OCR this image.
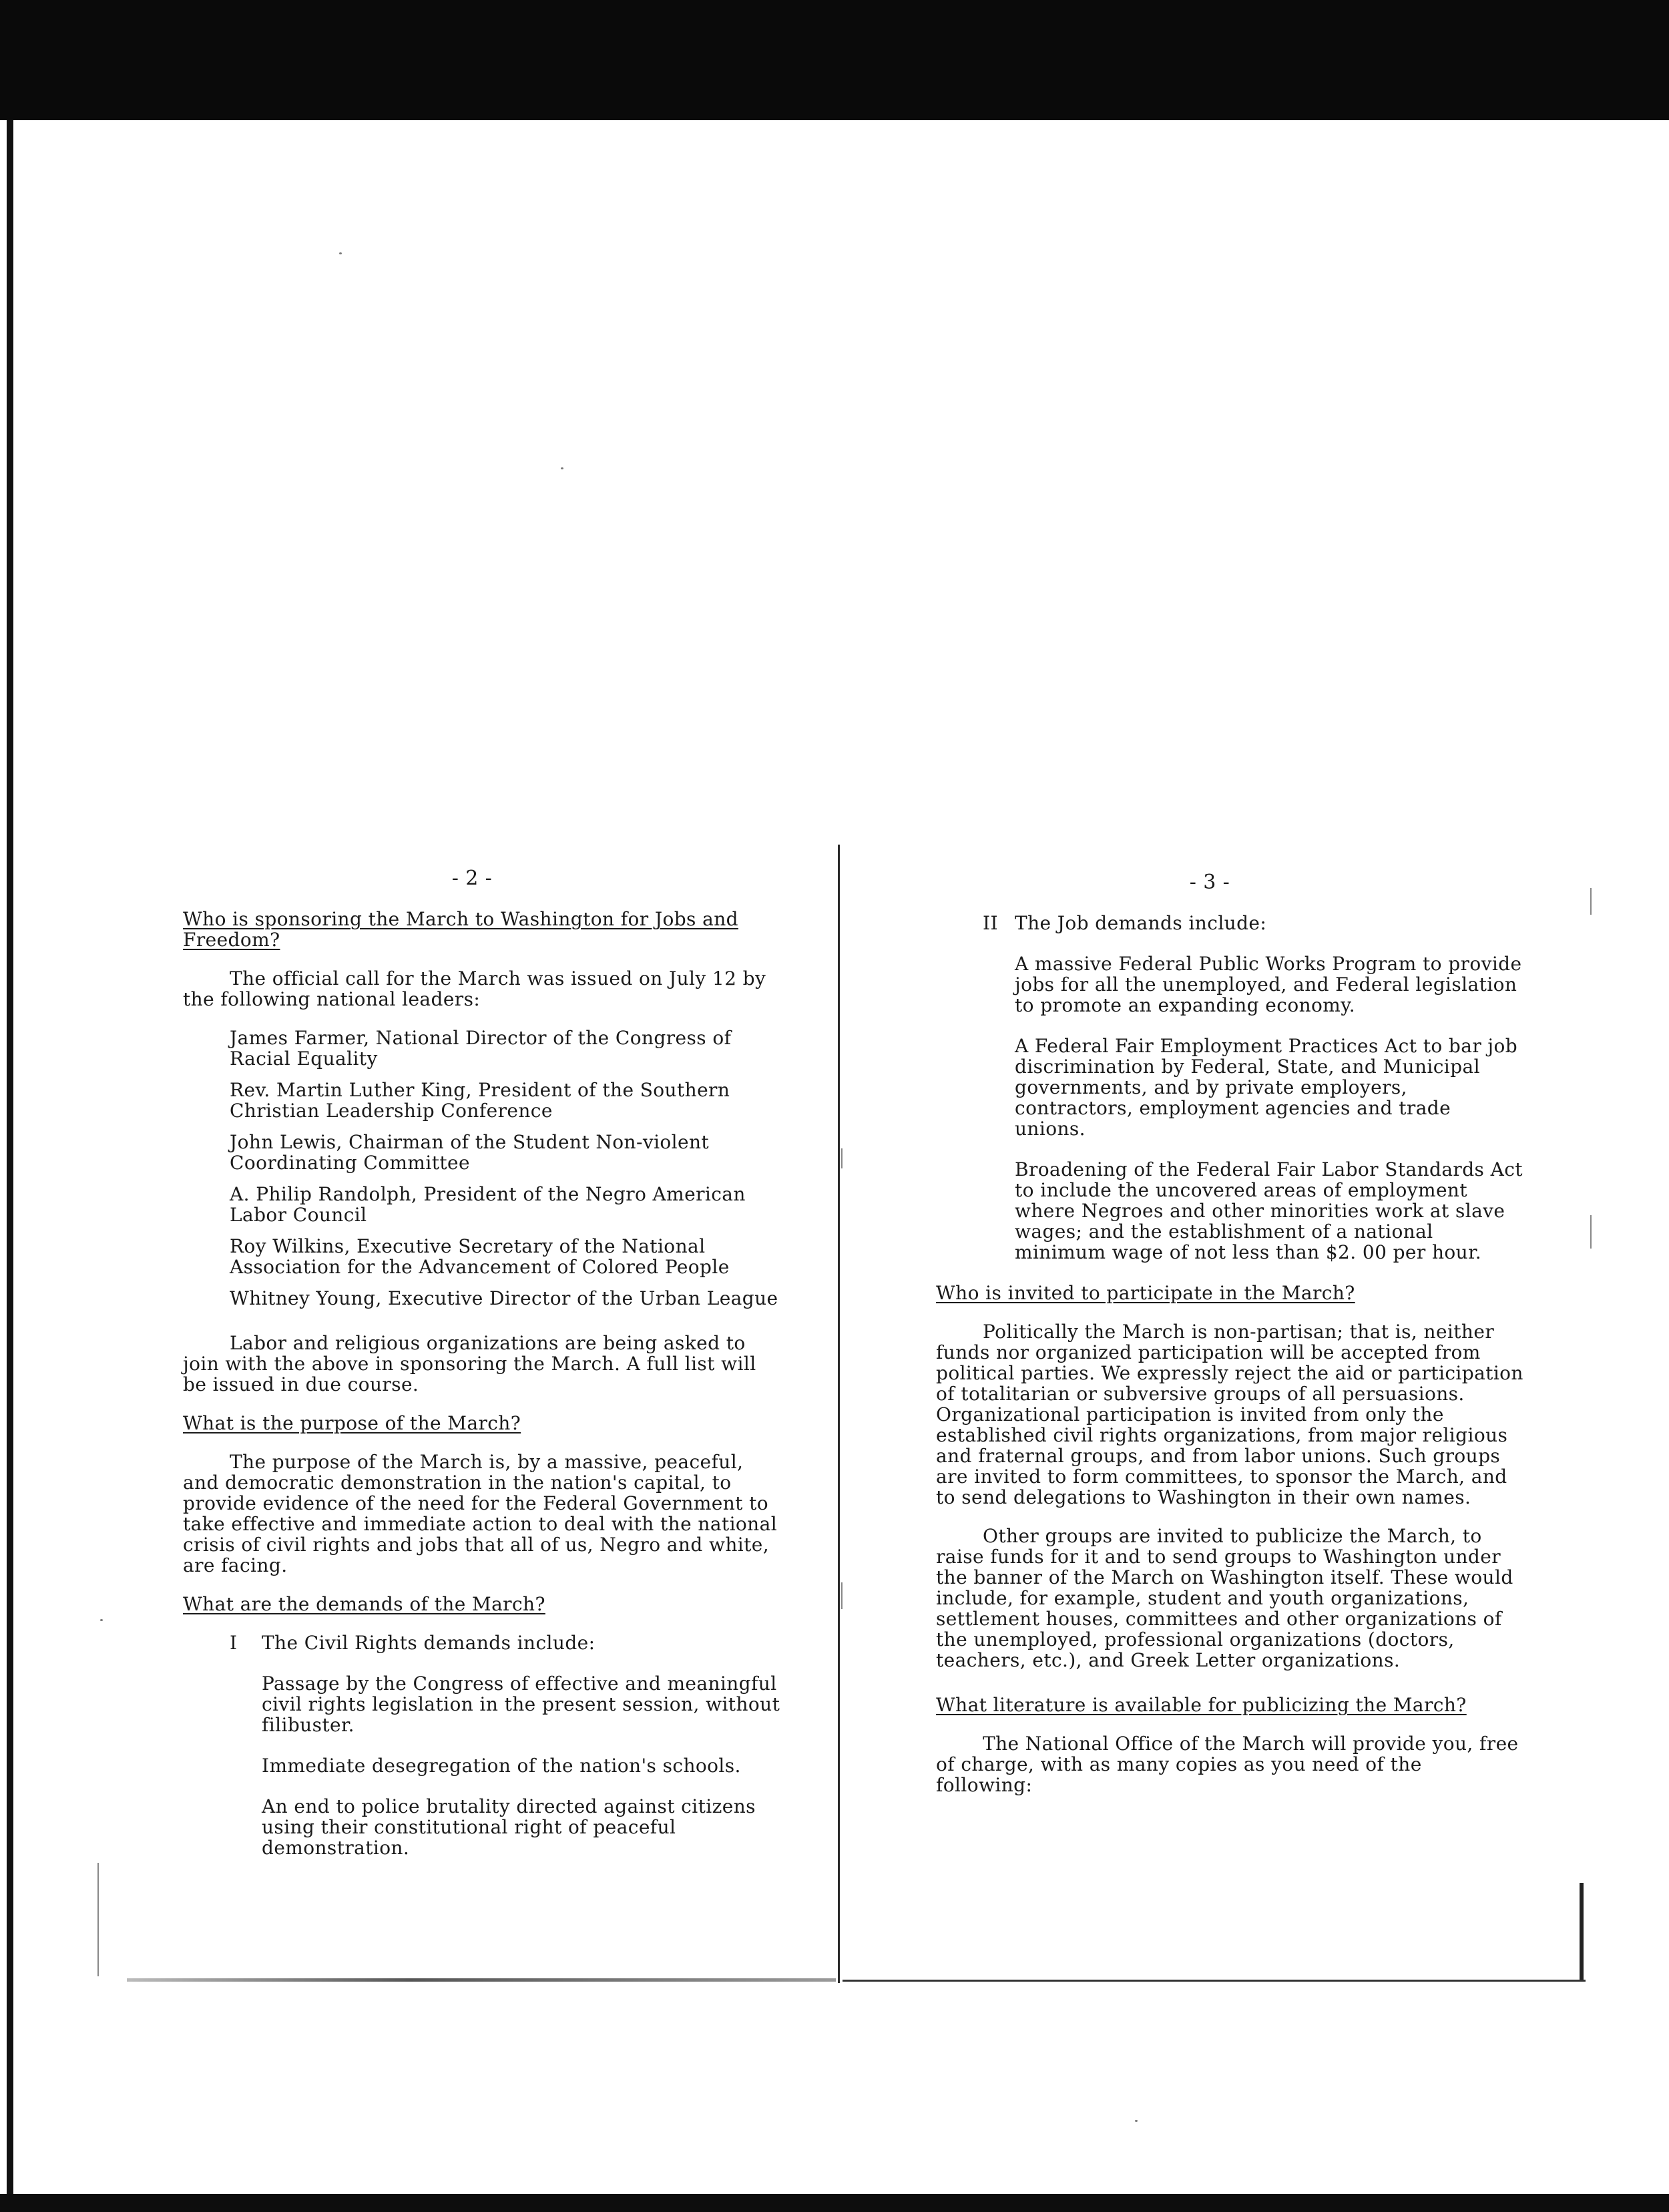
- 2 -
Who is sponsoring the March to Washington for Jobs and Freedom?

The official call for the March was issued on July 12 by the following national leaders:

James Farmer, National Director of the Congress of Racial Equality
Rev. Martin Luther King, President of the Southern Christian Leadership Conference
John Lewis, Chairman of the Student Non-violent Coordinating Committee
A. Philip Randolph, President of the Negro American Labor Council
Roy Wilkins, Executive Secretary of the National Association for the Advancement of Colored People
Whitney Young, Executive Director of the Urban League

Labor and religious organizations are being asked to join with the above in sponsoring the March. A full list will be issued in due course.

What is the purpose of the March?

The purpose of the March is, by a massive, peaceful, and democratic demonstration in the nation's capital, to provide evidence of the need for the Federal Government to take effective and immediate action to deal with the national crisis of civil rights and jobs that all of us, Negro and white, are facing.

What are the demands of the March?
I The Civil Rights demands include:
Passage by the Congress of effective and meaningful civil rights legislation in the present session, without filibuster.
Immediate desegregation of the nation's schools.
An end to police brutality directed against citizens using their constitutional right of peaceful demonstration.
- 3 -
II The Job demands include:
A massive Federal Public Works Program to provide jobs for all the unemployed, and Federal legislation to promote an expanding economy.
A Federal Fair Employment Practices Act to bar job discrimination by Federal, State, and Municipal governments, and by private employers, contractors, employment agencies and trade unions.
Broadening of the Federal Fair Labor Standards Act to include the uncovered areas of employment where Negroes and other minorities work at slave wages; and the establishment of a national minimum wage of not less than $2. 00 per hour.
Who is invited to participate in the March?

Politically the March is non-partisan; that is, neither funds nor organized participation will be accepted from political parties. We expressly reject the aid or participation of totalitarian or subversive groups of all persuasions. Organizational participation is invited from only the established civil rights organizations, from major religious and fraternal groups, and from labor unions. Such groups are invited to form committees, to sponsor the March, and to send delegations to Washington in their own names.

Other groups are invited to publicize the March, to raise funds for it and to send groups to Washington under the banner of the March on Washington itself. These would include, for example, student and youth organizations, settlement houses, committees and other organizations of the unemployed, professional organizations (doctors, teachers, etc.), and Greek Letter organizations.

What literature is available for publicizing the March?

The National Office of the March will provide you, free of charge, with as many copies as you need of the following:
